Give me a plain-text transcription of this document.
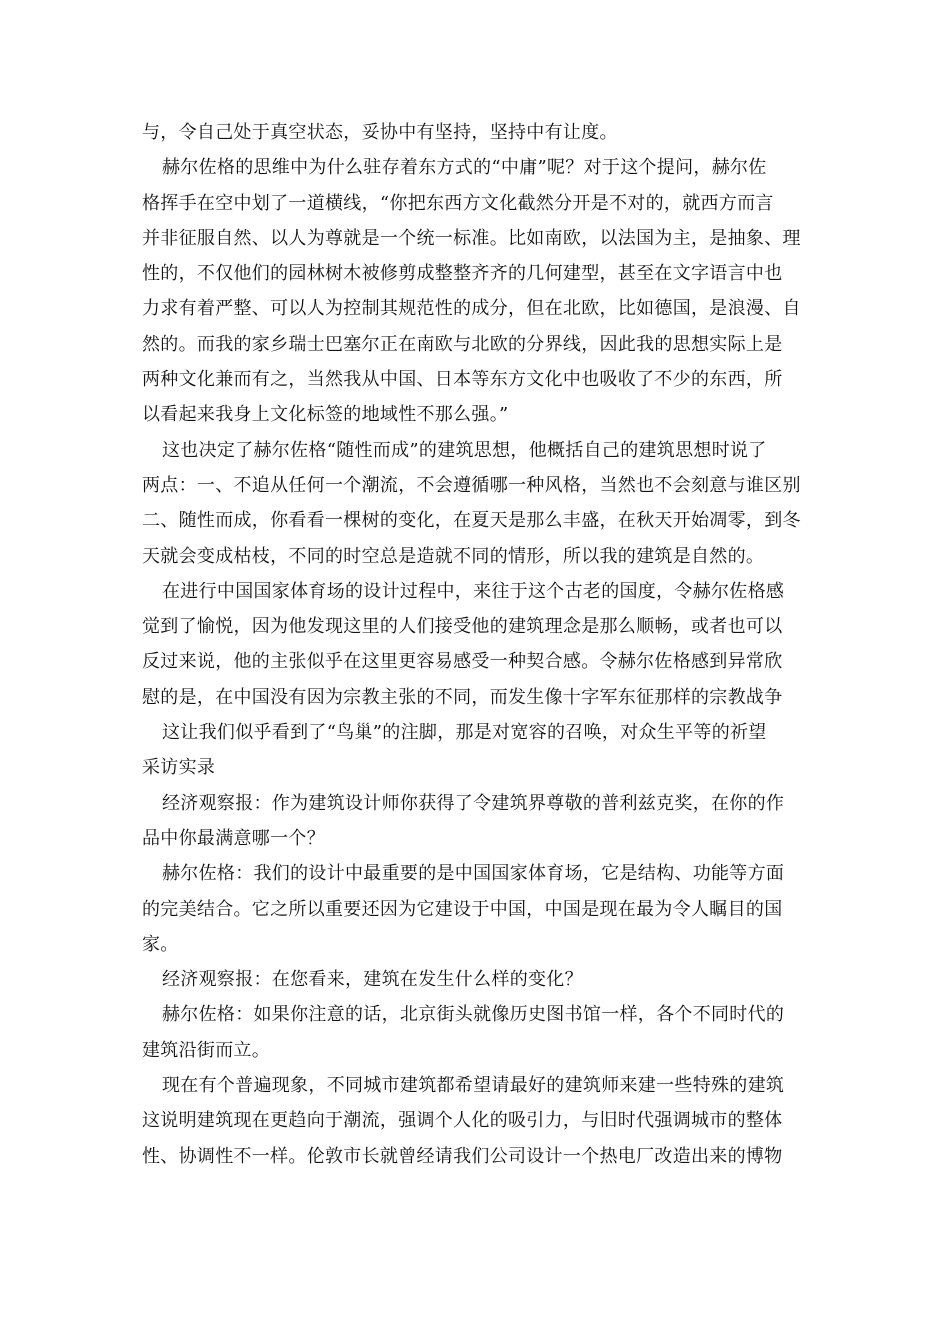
与，令自己处于真空状态，妥协中有坚持，坚持中有让度。
赫尔佐格的思维中为什么驻存着东方式的“中庸”呢？对于这个提问，赫尔佐
格挥手在空中划了一道横线，“你把东西方文化截然分开是不对的，就西方而言
并非征服自然、以人为尊就是一个统一标准。比如南欧，以法国为主，是抽象、理
性的，不仅他们的园林树木被修剪成整整齐齐的几何建型，甚至在文字语言中也
力求有着严整、可以人为控制其规范性的成分，但在北欧，比如德国，是浪漫、自
然的。而我的家乡瑞士巴塞尔正在南欧与北欧的分界线，因此我的思想实际上是
两种文化兼而有之，当然我从中国、日本等东方文化中也吸收了不少的东西，所
以看起来我身上文化标签的地域性不那么强。”
这也决定了赫尔佐格“随性而成”的建筑思想，他概括自己的建筑思想时说了
两点：一、不追从任何一个潮流，不会遵循哪一种风格，当然也不会刻意与谁区别
二、随性而成，你看看一棵树的变化，在夏天是那么丰盛，在秋天开始凋零，到冬
天就会变成枯枝，不同的时空总是造就不同的情形，所以我的建筑是自然的。
在进行中国国家体育场的设计过程中，来往于这个古老的国度，令赫尔佐格感
觉到了愉悦，因为他发现这里的人们接受他的建筑理念是那么顺畅，或者也可以
反过来说，他的主张似乎在这里更容易感受一种契合感。令赫尔佐格感到异常欣
慰的是，在中国没有因为宗教主张的不同，而发生像十字军东征那样的宗教战争
这让我们似乎看到了“鸟巢”的注脚，那是对宽容的召唤，对众生平等的祈望
采访实录
经济观察报：作为建筑设计师你获得了令建筑界尊敬的普利兹克奖，在你的作
品中你最满意哪一个？
赫尔佐格：我们的设计中最重要的是中国国家体育场，它是结构、功能等方面
的完美结合。它之所以重要还因为它建设于中国，中国是现在最为令人瞩目的国
家。
经济观察报：在您看来，建筑在发生什么样的变化？
赫尔佐格：如果你注意的话，北京街头就像历史图书馆一样，各个不同时代的
建筑沿街而立。
现在有个普遍现象，不同城市建筑都希望请最好的建筑师来建一些特殊的建筑
这说明建筑现在更趋向于潮流，强调个人化的吸引力，与旧时代强调城市的整体
性、协调性不一样。伦敦市长就曾经请我们公司设计一个热电厂改造出来的博物
